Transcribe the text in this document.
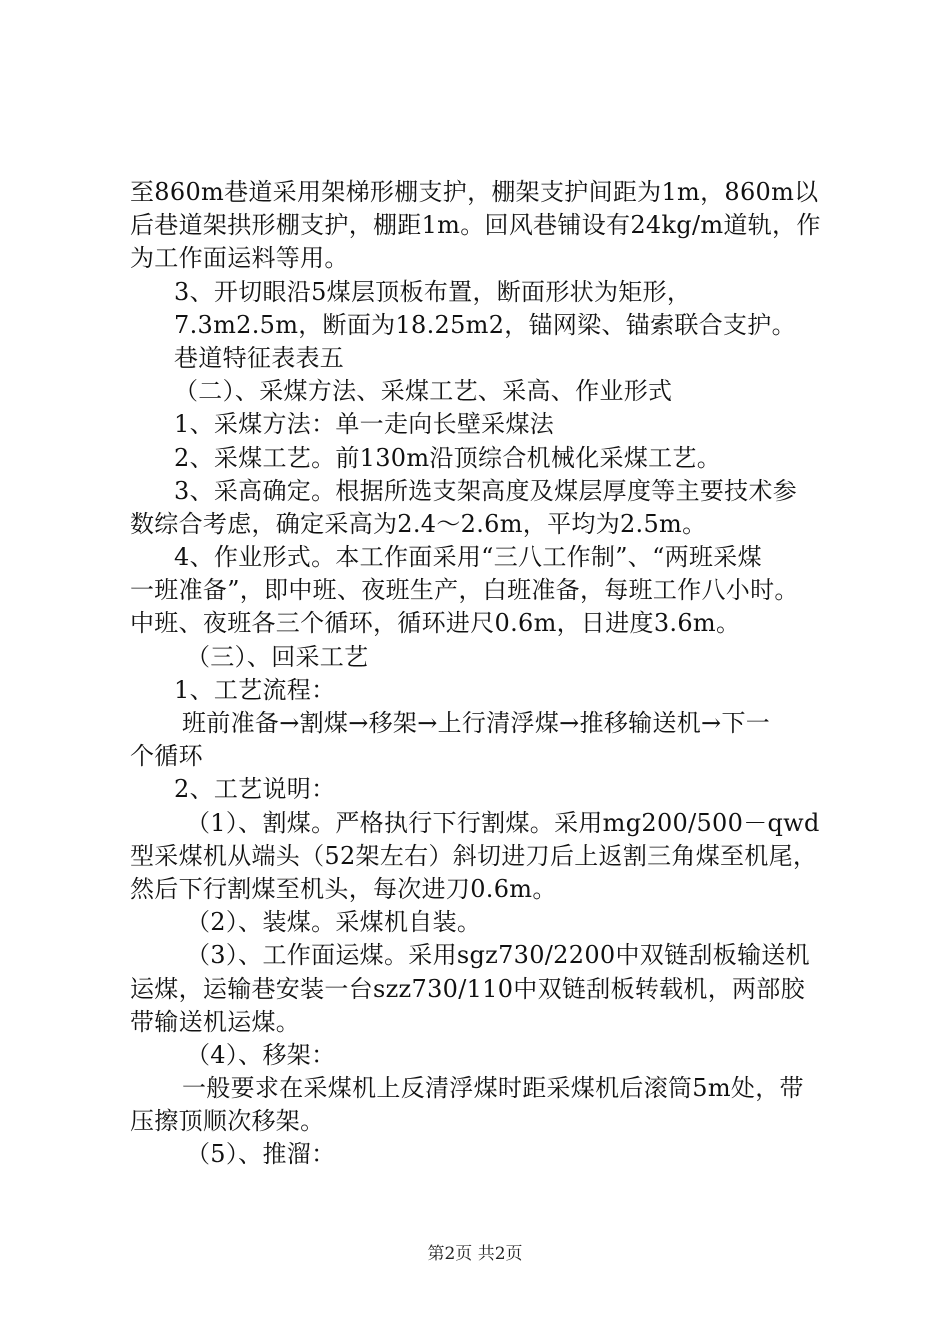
至860m巷道采用架梯形棚支护，棚架支护间距为1m，860m以
后巷道架拱形棚支护，棚距1m。回风巷铺设有24kg/m道轨，作
为工作面运料等用。
3、开切眼沿5煤层顶板布置，断面形状为矩形，
7.3m2.5m，断面为18.25m2，锚网梁、锚索联合支护。
巷道特征表表五
（二）、采煤方法、采煤工艺、采高、作业形式
1、采煤方法：单一走向长壁采煤法
2、采煤工艺。前130m沿顶综合机械化采煤工艺。
3、采高确定。根据所选支架高度及煤层厚度等主要技术参
数综合考虑，确定采高为2.4～2.6m，平均为2.5m。
4、作业形式。本工作面采用“三八工作制”、“两班采煤
一班准备”，即中班、夜班生产，白班准备，每班工作八小时。
中班、夜班各三个循环，循环进尺0.6m，日进度3.6m。
（三）、回采工艺
1、工艺流程：
班前准备→割煤→移架→上行清浮煤→推移输送机→下一
个循环
2、工艺说明：
（1）、割煤。严格执行下行割煤。采用mg200/500－qwd
型采煤机从端头（52架左右）斜切进刀后上返割三角煤至机尾，
然后下行割煤至机头，每次进刀0.6m。
（2）、装煤。采煤机自装。
（3）、工作面运煤。采用sgz730/2200中双链刮板输送机
运煤，运输巷安装一台szz730/110中双链刮板转载机，两部胶
带输送机运煤。
（4）、移架：
一般要求在采煤机上反清浮煤时距采煤机后滚筒5m处，带
压擦顶顺次移架。
（5）、推溜：
第2页 共2页
